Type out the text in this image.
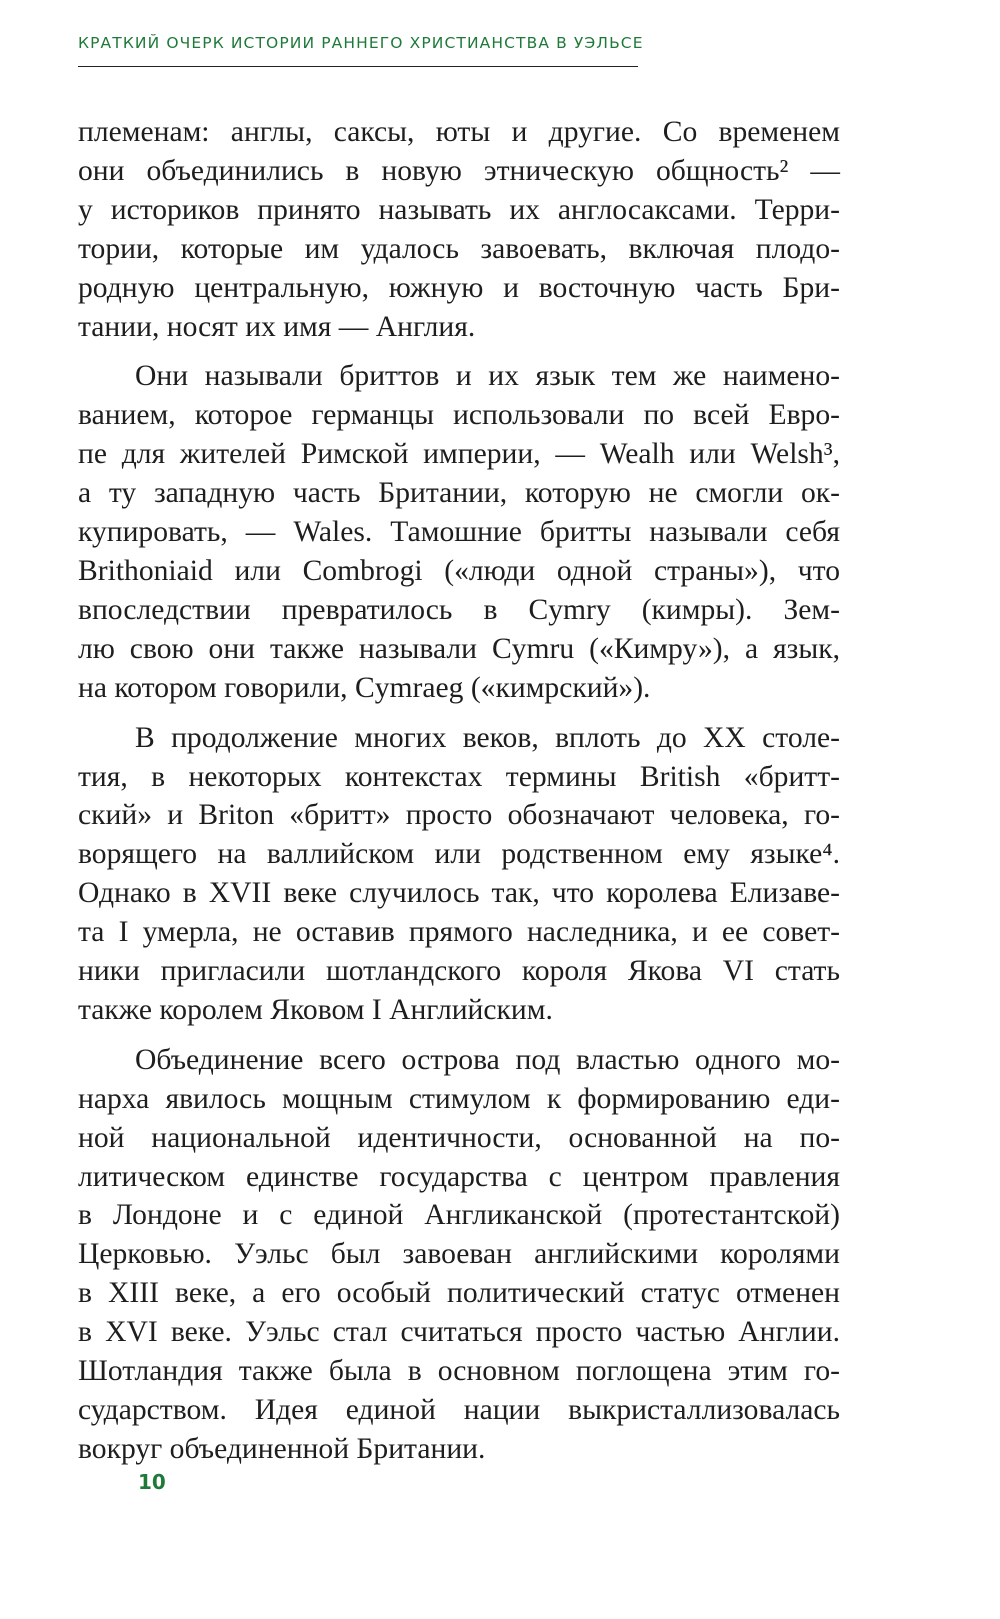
КРАТКИЙ ОЧЕРК ИСТОРИИ РАННЕГО ХРИСТИАНСТВА В УЭЛЬСЕ
племенам: англы, саксы, юты и другие. Со временем
они объединились в новую этническую общность² —
у историков принято называть их англосаксами. Терри-
тории, которые им удалось завоевать, включая плодо-
родную центральную, южную и восточную часть Бри-
тании, носят их имя — Англия.
Они называли бриттов и их язык тем же наимено-
ванием, которое германцы использовали по всей Евро-
пе для жителей Римской империи, — Wealh или Welsh³,
а ту западную часть Британии, которую не смогли ок-
купировать, — Wales. Тамошние бритты называли себя
Brithoniaid или Combrogi («люди одной страны»), что
впоследствии превратилось в Cymry (кимры). Зем-
лю свою они также называли Cymru («Кимру»), а язык,
на котором говорили, Cymraeg («кимрский»).
В продолжение многих веков, вплоть до XX столе-
тия, в некоторых контекстах термины British «бритт-
ский» и Briton «бритт» просто обозначают человека, го-
ворящего на валлийском или родственном ему языке⁴.
Однако в XVII веке случилось так, что королева Елизаве-
та I умерла, не оставив прямого наследника, и ее совет-
ники пригласили шотландского короля Якова VI стать
также королем Яковом I Английским.
Объединение всего острова под властью одного мо-
нарха явилось мощным стимулом к формированию еди-
ной национальной идентичности, основанной на по-
литическом единстве государства с центром правления
в Лондоне и с единой Англиканской (протестантской)
Церковью. Уэльс был завоеван английскими королями
в XIII веке, а его особый политический статус отменен
в XVI веке. Уэльс стал считаться просто частью Англии.
Шотландия также была в основном поглощена этим го-
сударством. Идея единой нации выкристаллизовалась
вокруг объединенной Британии.
10
